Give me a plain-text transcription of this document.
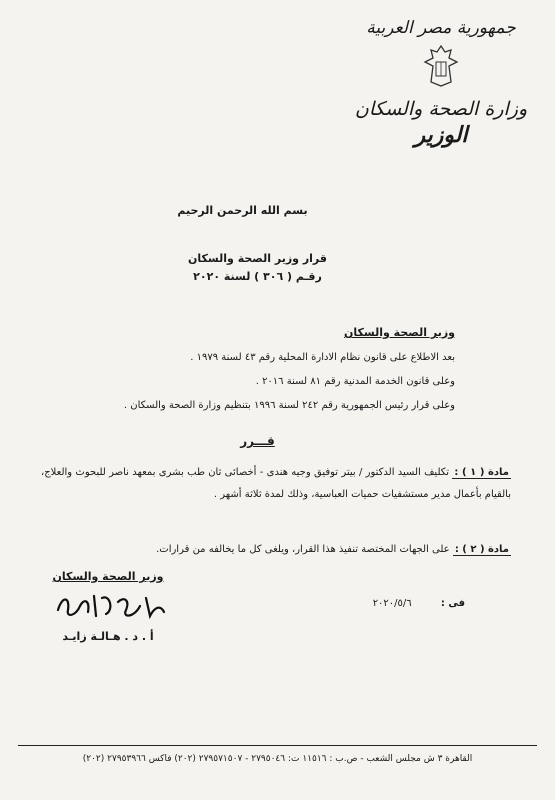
جمهورية مصر العربية
وزارة الصحة والسكان
الوزير
بسم الله الرحمن الرحيم
قرار وزير الصحة والسكان
رقـم ( ٣٠٦ ) لسنة ٢٠٢٠
وزير الصحة والسكان
بعد الاطلاع على قانون نظام الادارة المحلية رقم ٤٣ لسنة ١٩٧٩ .
وعلى قانون الخدمة المدنية رقم ٨١ لسنة ٢٠١٦ .
وعلى قرار رئيس الجمهورية رقم ٢٤٢ لسنة ١٩٩٦ بتنظيم وزارة الصحة والسكان .
قـــرر
مادة ( ١ ) : تكليف السيد الدكتور / بيتر توفيق وجيه هندى - أخصائى ثان طب بشرى بمعهد ناصر للبحوث والعلاج، بالقيام بأعمال مدير مستشفيات حميات العباسية، وذلك لمدة ثلاثة أشهر .
مادة ( ٢ ) : على الجهات المختصة تنفيذ هذا القرار، ويلغى كل ما يخالفه من قرارات.
وزير الصحة والسكان
أ . د . هـالـة زايـد
فى : ٢٠٢٠/٥/٦
القاهرة ٣ ش مجلس الشعب - ص.ب : ١١٥١٦ ت: ٢٧٩٥٠٤٦ - ٢٧٩٥٧١٥٠٧ (٢٠٢) فاكس ٢٧٩٥٣٩٦٦ (٢٠٢)
